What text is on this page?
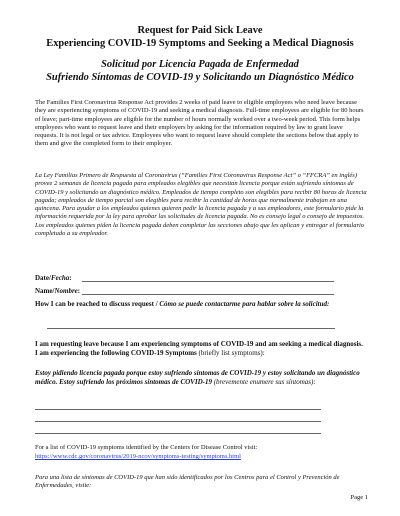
Request for Paid Sick Leave
Experiencing COVID-19 Symptoms and Seeking a Medical Diagnosis
Solicitud por Licencia Pagada de Enfermedad
Sufriendo Síntomas de COVID-19 y Solicitando un Diagnóstico Médico
The Families First Coronavirus Response Act provides 2 weeks of paid leave to eligible employees who need leave because they are experiencing symptoms of COVID-19 and seeking a medical diagnosis. Full-time employees are eligible for 80 hours of leave; part-time employees are eligible for the number of hours normally worked over a two-week period. This form helps employees who want to request leave and their employers by asking for the information required by law to grant leave requests. It is not legal or tax advice. Employees who want to request leave should complete the sections below that apply to them and give the completed form to their employer.
La Ley Familias Primero de Respuesta al Coronavirus (“Families First Coronavirus Response Act” o “FFCRA” en inglés) provee 2 semanas de licencia pagada para empleados elegibles que necesitan licencia porque están sufriendo síntomas de COVID-19 y solicitando un diagnóstico médico. Empleados de tiempo completo son elegibles para recibir 80 horas de licencia pagada; empleados de tiempo parcial son elegibles para recibir la cantidad de horas que normalmente trabajan en una quincena. Para ayudar a los empleados quienes quieren pedir la licencia pagada y a sus empleadores, este formulario pide la información requerida por la ley para aprobar las solicitudes de licencia pagada. No es consejo legal o consejo de impuestos. Los empleados quienes piden la licencia pagada deben completar las secciones abajo que les aplican y entregar el formulario completado a su empleador.
Date/Fecha:
Name/Nombre:
How I can be reached to discuss request / Cómo se puede contactarme para hablar sobre la solicitud:
I am requesting leave because I am experiencing symptoms of COVID-19 and am seeking a medical diagnosis. I am experiencing the following COVID-19 Symptoms (briefly list symptoms):
Estoy pidiendo licencia pagada porque estoy sufriendo síntomas de COVID-19 y estoy solicitando un diagnóstico médico. Estoy sufriendo los próximos síntomas de COVID-19 (brevemente enumere sus síntomas):
For a list of COVID-19 symptoms identified by the Centers for Disease Control visit:
https://www.cdc.gov/coronavirus/2019-ncov/symptoms-testing/symptoms.html
Para una lista de síntomas de COVID-19 que han sido identificados por los Centros para el Control y Prevención de Enfermedades, visite:
Page 1
